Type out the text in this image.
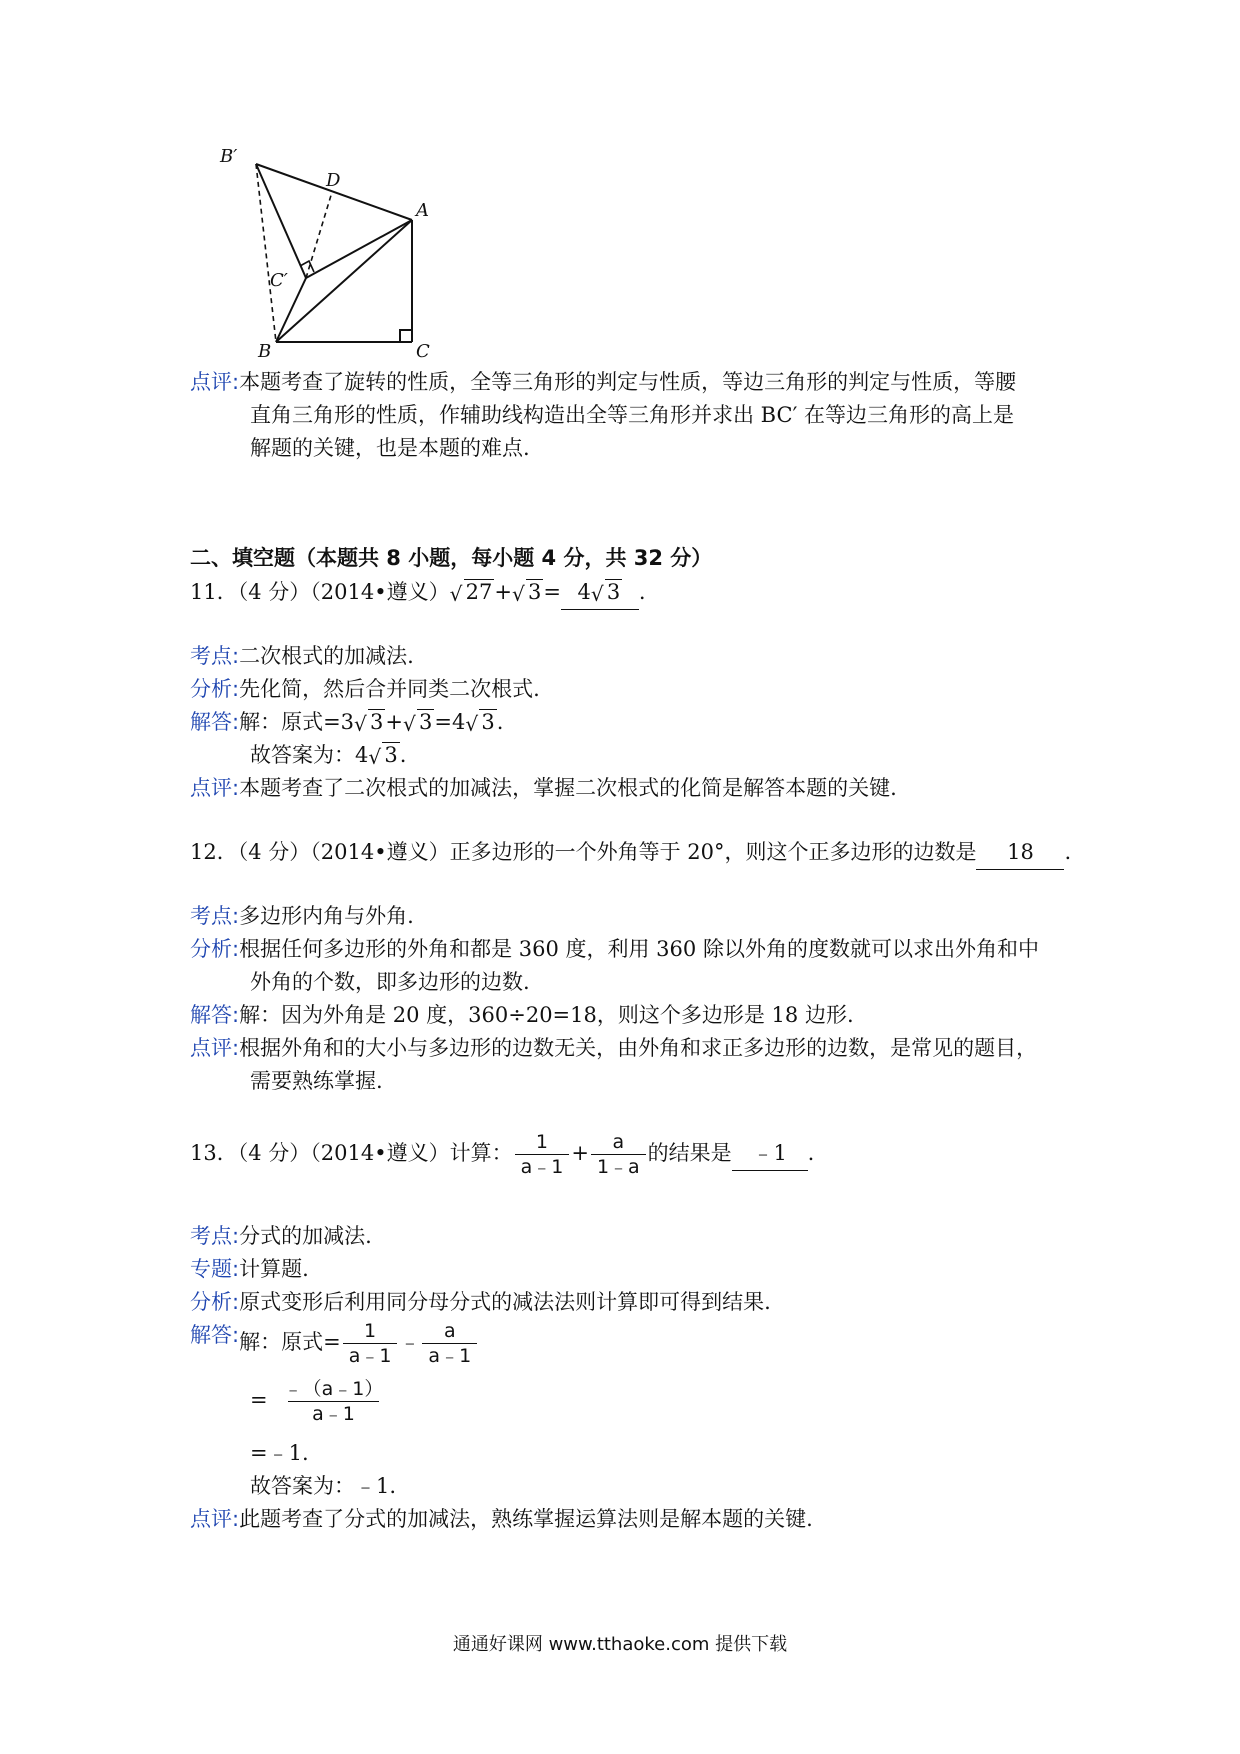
B′
D
A
C′
B	C
点评:本题考查了旋转的性质，全等三角形的判定与性质，等边三角形的判定与性质，等腰
直角三角形的性质，作辅助线构造出全等三角形并求出 BC′ 在等边三角形的高上是
解题的关键，也是本题的难点.
二、填空题（本题共 8 小题，每小题 4 分，共 32 分）
11．（4 分）（2014•遵义） √ 27+ √ 3= 4 √ 3 .
考点:二次根式的加减法.
分析:先化简，然后合并同类二次根式.
解答:解：原式=3 √ 3+ √ 3=4 √ 3.
故答案为：4 √ 3.
点评:本题考查了二次根式的加减法，掌握二次根式的化简是解答本题的关键.
12．（4 分）（2014•遵义）正多边形的一个外角等于 20°，则这个正多边形的边数是 18 .
考点:多边形内角与外角.
分析:根据任何多边形的外角和都是 360 度，利用 360 除以外角的度数就可以求出外角和中
外角的个数，即多边形的边数.
解答:解：因为外角是 20 度，360÷20=18，则这个多边形是 18 边形.
点评:根据外角和的大小与多边形的边数无关，由外角和求正多边形的边数，是常见的题目，
需要熟练掌握.
13．（4 分）（2014•遵义）计算： $\frac{1}{a﹣1} + \frac{a}{1﹣a}$ 的结果是 ﹣1 .
考点:分式的加减法.
专题:计算题.
分析:原式变形后利用同分母分式的减法法则计算即可得到结果.
解答:解：原式= $\frac{1}{a﹣1}$ ﹣ $\frac{a}{a﹣1}$
= $\frac{﹣(a﹣1)}{a﹣1}$
=﹣1.
故答案为：﹣1.
点评:此题考查了分式的加减法，熟练掌握运算法则是解本题的关键.
通通好课网 www.tthaoke.com 提供下载
